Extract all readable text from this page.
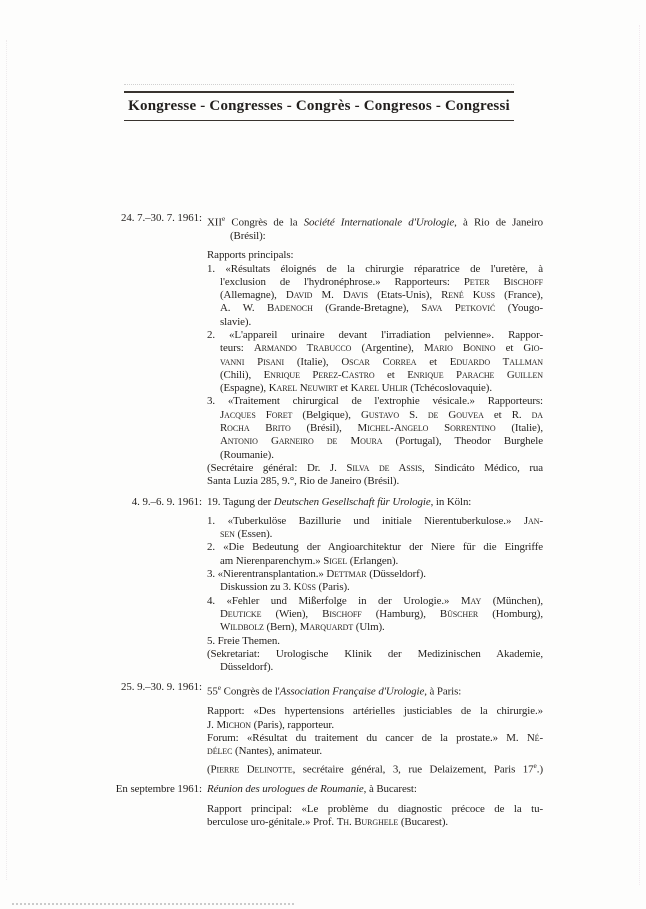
Kongresse - Congresses - Congrès - Congresos - Congressi
24. 7.–30. 7. 1961: XIIe Congrès de la Société Internationale d'Urologie, à Rio de Janeiro
(Brésil):
Rapports principals:
1. «Résultats éloignés de la chirurgie réparatrice de l'uretère, à
l'exclusion de l'hydronéphrose.» Rapporteurs: Peter Bischoff
(Allemagne), David M. Davis (Etats-Unis), René Kuss (France),
A. W. Badenoch (Grande-Bretagne), Sava Petković (Yougo-
slavie).
2. «L'appareil urinaire devant l'irradiation pelvienne». Rappor-
teurs: Armando Trabucco (Argentine), Mario Bonino et Gio-
vanni Pisani (Italie), Oscar Correa et Eduardo Tallman
(Chili), Enrique Perez-Castro et Enrique Parache Guillen
(Espagne), Karel Neuwirt et Karel Uhlir (Tchécoslovaquie).
3. «Traitement chirurgical de l'extrophie vésicale.» Rapporteurs:
Jacques Foret (Belgique), Gustavo S. de Gouvea et R. da
Rocha Brito (Brésil), Michel-Angelo Sorrentino (Italie),
Antonio Garneiro de Moura (Portugal), Theodor Burghele
(Roumanie).
(Secrétaire général: Dr. J. Silva de Assis, Sindicáto Médico, rua
Santa Luzia 285, 9.°, Rio de Janeiro (Brésil).
4. 9.–6. 9. 1961: 19. Tagung der Deutschen Gesellschaft für Urologie, in Köln:
1. «Tuberkulöse Bazillurie und initiale Nierentuberkulose.» Jan-
sen (Essen).
2. «Die Bedeutung der Angioarchitektur der Niere für die Eingriffe
am Nierenparenchym.» Sigel (Erlangen).
3. «Nierentransplantation.» Dettmar (Düsseldorf).
Diskussion zu 3. Küss (Paris).
4. «Fehler und Mißerfolge in der Urologie.» May (München),
Deuticke (Wien), Bischoff (Hamburg), Büscher (Homburg),
Wildbolz (Bern), Marquardt (Ulm).
5. Freie Themen.
(Sekretariat: Urologische Klinik der Medizinischen Akademie,
Düsseldorf).
25. 9.–30. 9. 1961: 55e Congrès de l'Association Française d'Urologie, à Paris:
Rapport: «Des hypertensions artérielles justiciables de la chirurgie.»
J. Michon (Paris), rapporteur.
Forum: «Résultat du traitement du cancer de la prostate.» M. Né-
délec (Nantes), animateur.
(Pierre Delinotte, secrétaire général, 3, rue Delaizement, Paris 17e.)
En septembre 1961: Réunion des urologues de Roumanie, à Bucarest:
Rapport principal: «Le problème du diagnostic précoce de la tu-
berculose uro-génitale.» Prof. Th. Burghele (Bucarest).
